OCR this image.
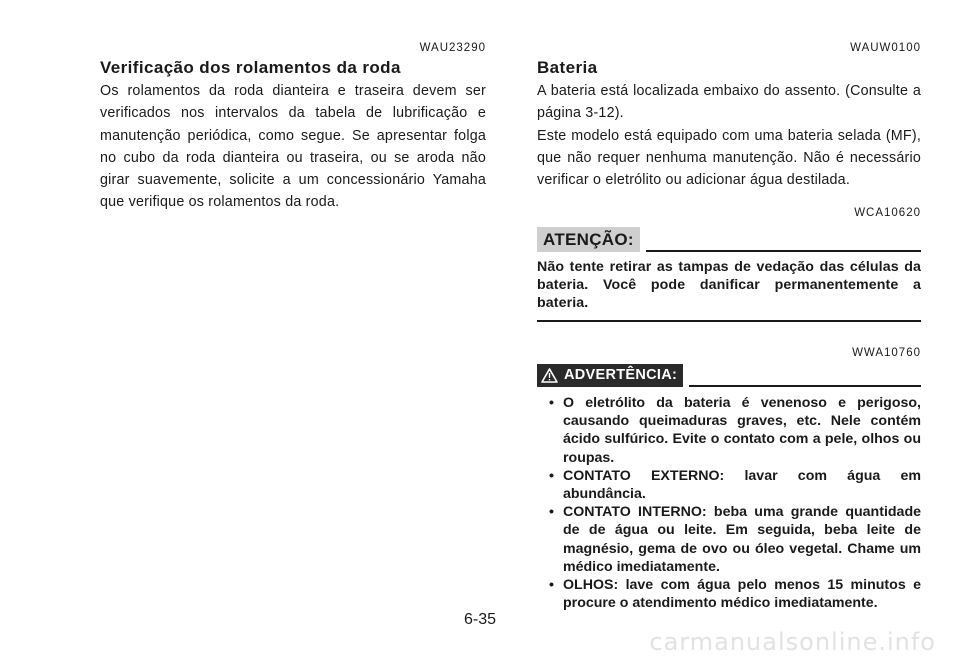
WAU23290
Verificação dos rolamentos da roda

Os rolamentos da roda dianteira e traseira devem ser verificados nos intervalos da tabela de lubrificação e manutenção periódica, como segue. Se apresentar folga no cubo da roda dianteira ou traseira, ou se aroda não girar suavemente, solicite a um concessionário Yamaha que verifique os rolamentos da roda.

WAUW0100
Bateria

A bateria está localizada embaixo do assento. (Consulte a página 3-12).

Este modelo está equipado com uma bateria selada (MF), que não requer nenhuma manutenção. Não é necessário verificar o eletrólito ou adicionar água destilada.

WCA10620
ATENÇÃO:
Não tente retirar as tampas de vedação das células da bateria. Você pode danificar permanentemente a bateria.
WWA10760
ADVERTÊNCIA:
• O eletrólito da bateria é venenoso e perigoso, causando queimaduras graves, etc. Nele contém ácido sulfúrico. Evite o contato com a pele, olhos ou roupas.
• CONTATO EXTERNO: lavar com água em abundância.
• CONTATO INTERNO: beba uma grande quantidade de de água ou leite. Em seguida, beba leite de magnésio, gema de ovo ou óleo vegetal. Chame um médico imediatamente.
• OLHOS: lave com água pelo menos 15 minutos e procure o atendimento médico imediatamente.
6-35
carmanualsonline.info
